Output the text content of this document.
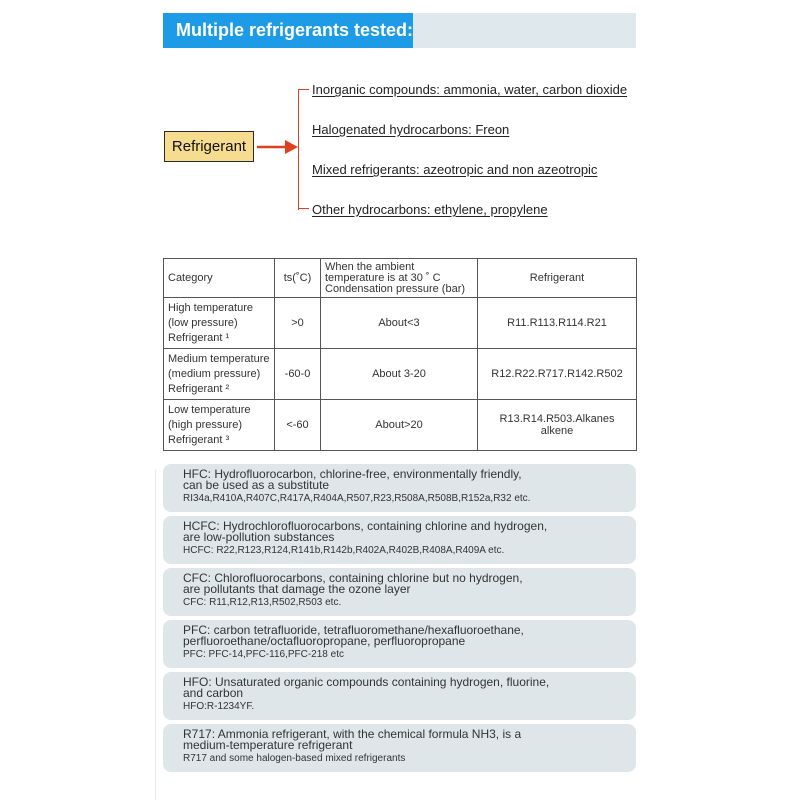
Multiple refrigerants tested:
Refrigerant
Inorganic compounds: ammonia, water, carbon dioxide
Halogenated hydrocarbons: Freon
Mixed refrigerants: azeotropic and non azeotropic
Other hydrocarbons: ethylene, propylene
Category	ts(˚C)	When the ambient
temperature is at 30 ˚ C
Condensation pressure (bar)	Refrigerant

High temperature
(low pressure)
Refrigerant ¹	>0	About<3	R11.R113.R114.R21

Medium temperature
(medium pressure)
Refrigerant ²	-60-0	About 3-20	R12.R22.R717.R142.R502

Low temperature
(high pressure)
Refrigerant ³	<-60	About>20	R13.R14.R503.Alkanes alkene
HFC: Hydrofluorocarbon, chlorine-free, environmentally friendly,
can be used as a substitute
RI34a,R410A,R407C,R417A,R404A,R507,R23,R508A,R508B,R152a,R32 etc.
HCFC: Hydrochlorofluorocarbons, containing chlorine and hydrogen,
are low-pollution substances
HCFC: R22,R123,R124,R141b,R142b,R402A,R402B,R408A,R409A etc.
CFC: Chlorofluorocarbons, containing chlorine but no hydrogen,
are pollutants that damage the ozone layer
CFC: R11,R12,R13,R502,R503 etc.
PFC: carbon tetrafluoride, tetrafluoromethane/hexafluoroethane,
perfluoroethane/octafluoropropane, perfluoropropane
PFC: PFC-14,PFC-116,PFC-218 etc
HFO: Unsaturated organic compounds containing hydrogen, fluorine,
and carbon
HFO:R-1234YF.
R717: Ammonia refrigerant, with the chemical formula NH3, is a
medium-temperature refrigerant
R717 and some halogen-based mixed refrigerants
